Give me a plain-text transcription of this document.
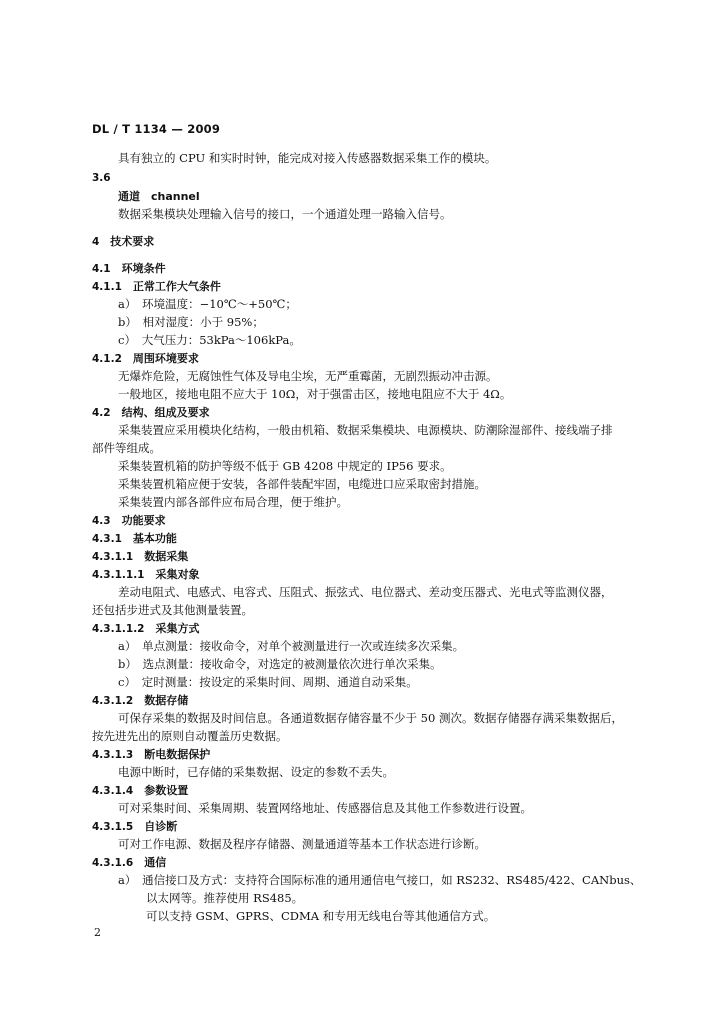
DL / T 1134 — 2009
具有独立的 CPU 和实时时钟，能完成对接入传感器数据采集工作的模块。
3.6
通道　channel
数据采集模块处理输入信号的接口，一个通道处理一路输入信号。
4　技术要求
4.1　环境条件
4.1.1　正常工作大气条件
a）　环境温度：−10℃～+50℃；
b）　相对湿度：小于 95%；
c）　大气压力：53kPa～106kPa。
4.1.2　周围环境要求
无爆炸危险，无腐蚀性气体及导电尘埃，无严重霉菌，无剧烈振动冲击源。
一般地区，接地电阻不应大于 10Ω，对于强雷击区，接地电阻应不大于 4Ω。
4.2　结构、组成及要求
采集装置应采用模块化结构，一般由机箱、数据采集模块、电源模块、防潮除湿部件、接线端子排
部件等组成。
采集装置机箱的防护等级不低于 GB 4208 中规定的 IP56 要求。
采集装置机箱应便于安装，各部件装配牢固，电缆进口应采取密封措施。
采集装置内部各部件应布局合理，便于维护。
4.3　功能要求
4.3.1　基本功能
4.3.1.1　数据采集
4.3.1.1.1　采集对象
差动电阻式、电感式、电容式、压阻式、振弦式、电位器式、差动变压器式、光电式等监测仪器，
还包括步进式及其他测量装置。
4.3.1.1.2　采集方式
a）　单点测量：接收命令，对单个被测量进行一次或连续多次采集。
b）　选点测量：接收命令，对选定的被测量依次进行单次采集。
c）　定时测量：按设定的采集时间、周期、通道自动采集。
4.3.1.2　数据存储
可保存采集的数据及时间信息。各通道数据存储容量不少于 50 测次。数据存储器存满采集数据后，
按先进先出的原则自动覆盖历史数据。
4.3.1.3　断电数据保护
电源中断时，已存储的采集数据、设定的参数不丢失。
4.3.1.4　参数设置
可对采集时间、采集周期、装置网络地址、传感器信息及其他工作参数进行设置。
4.3.1.5　自诊断
可对工作电源、数据及程序存储器、测量通道等基本工作状态进行诊断。
4.3.1.6　通信
a）　通信接口及方式：支持符合国际标准的通用通信电气接口，如 RS232、RS485/422、CANbus、
以太网等。推荐使用 RS485。
可以支持 GSM、GPRS、CDMA 和专用无线电台等其他通信方式。
2
